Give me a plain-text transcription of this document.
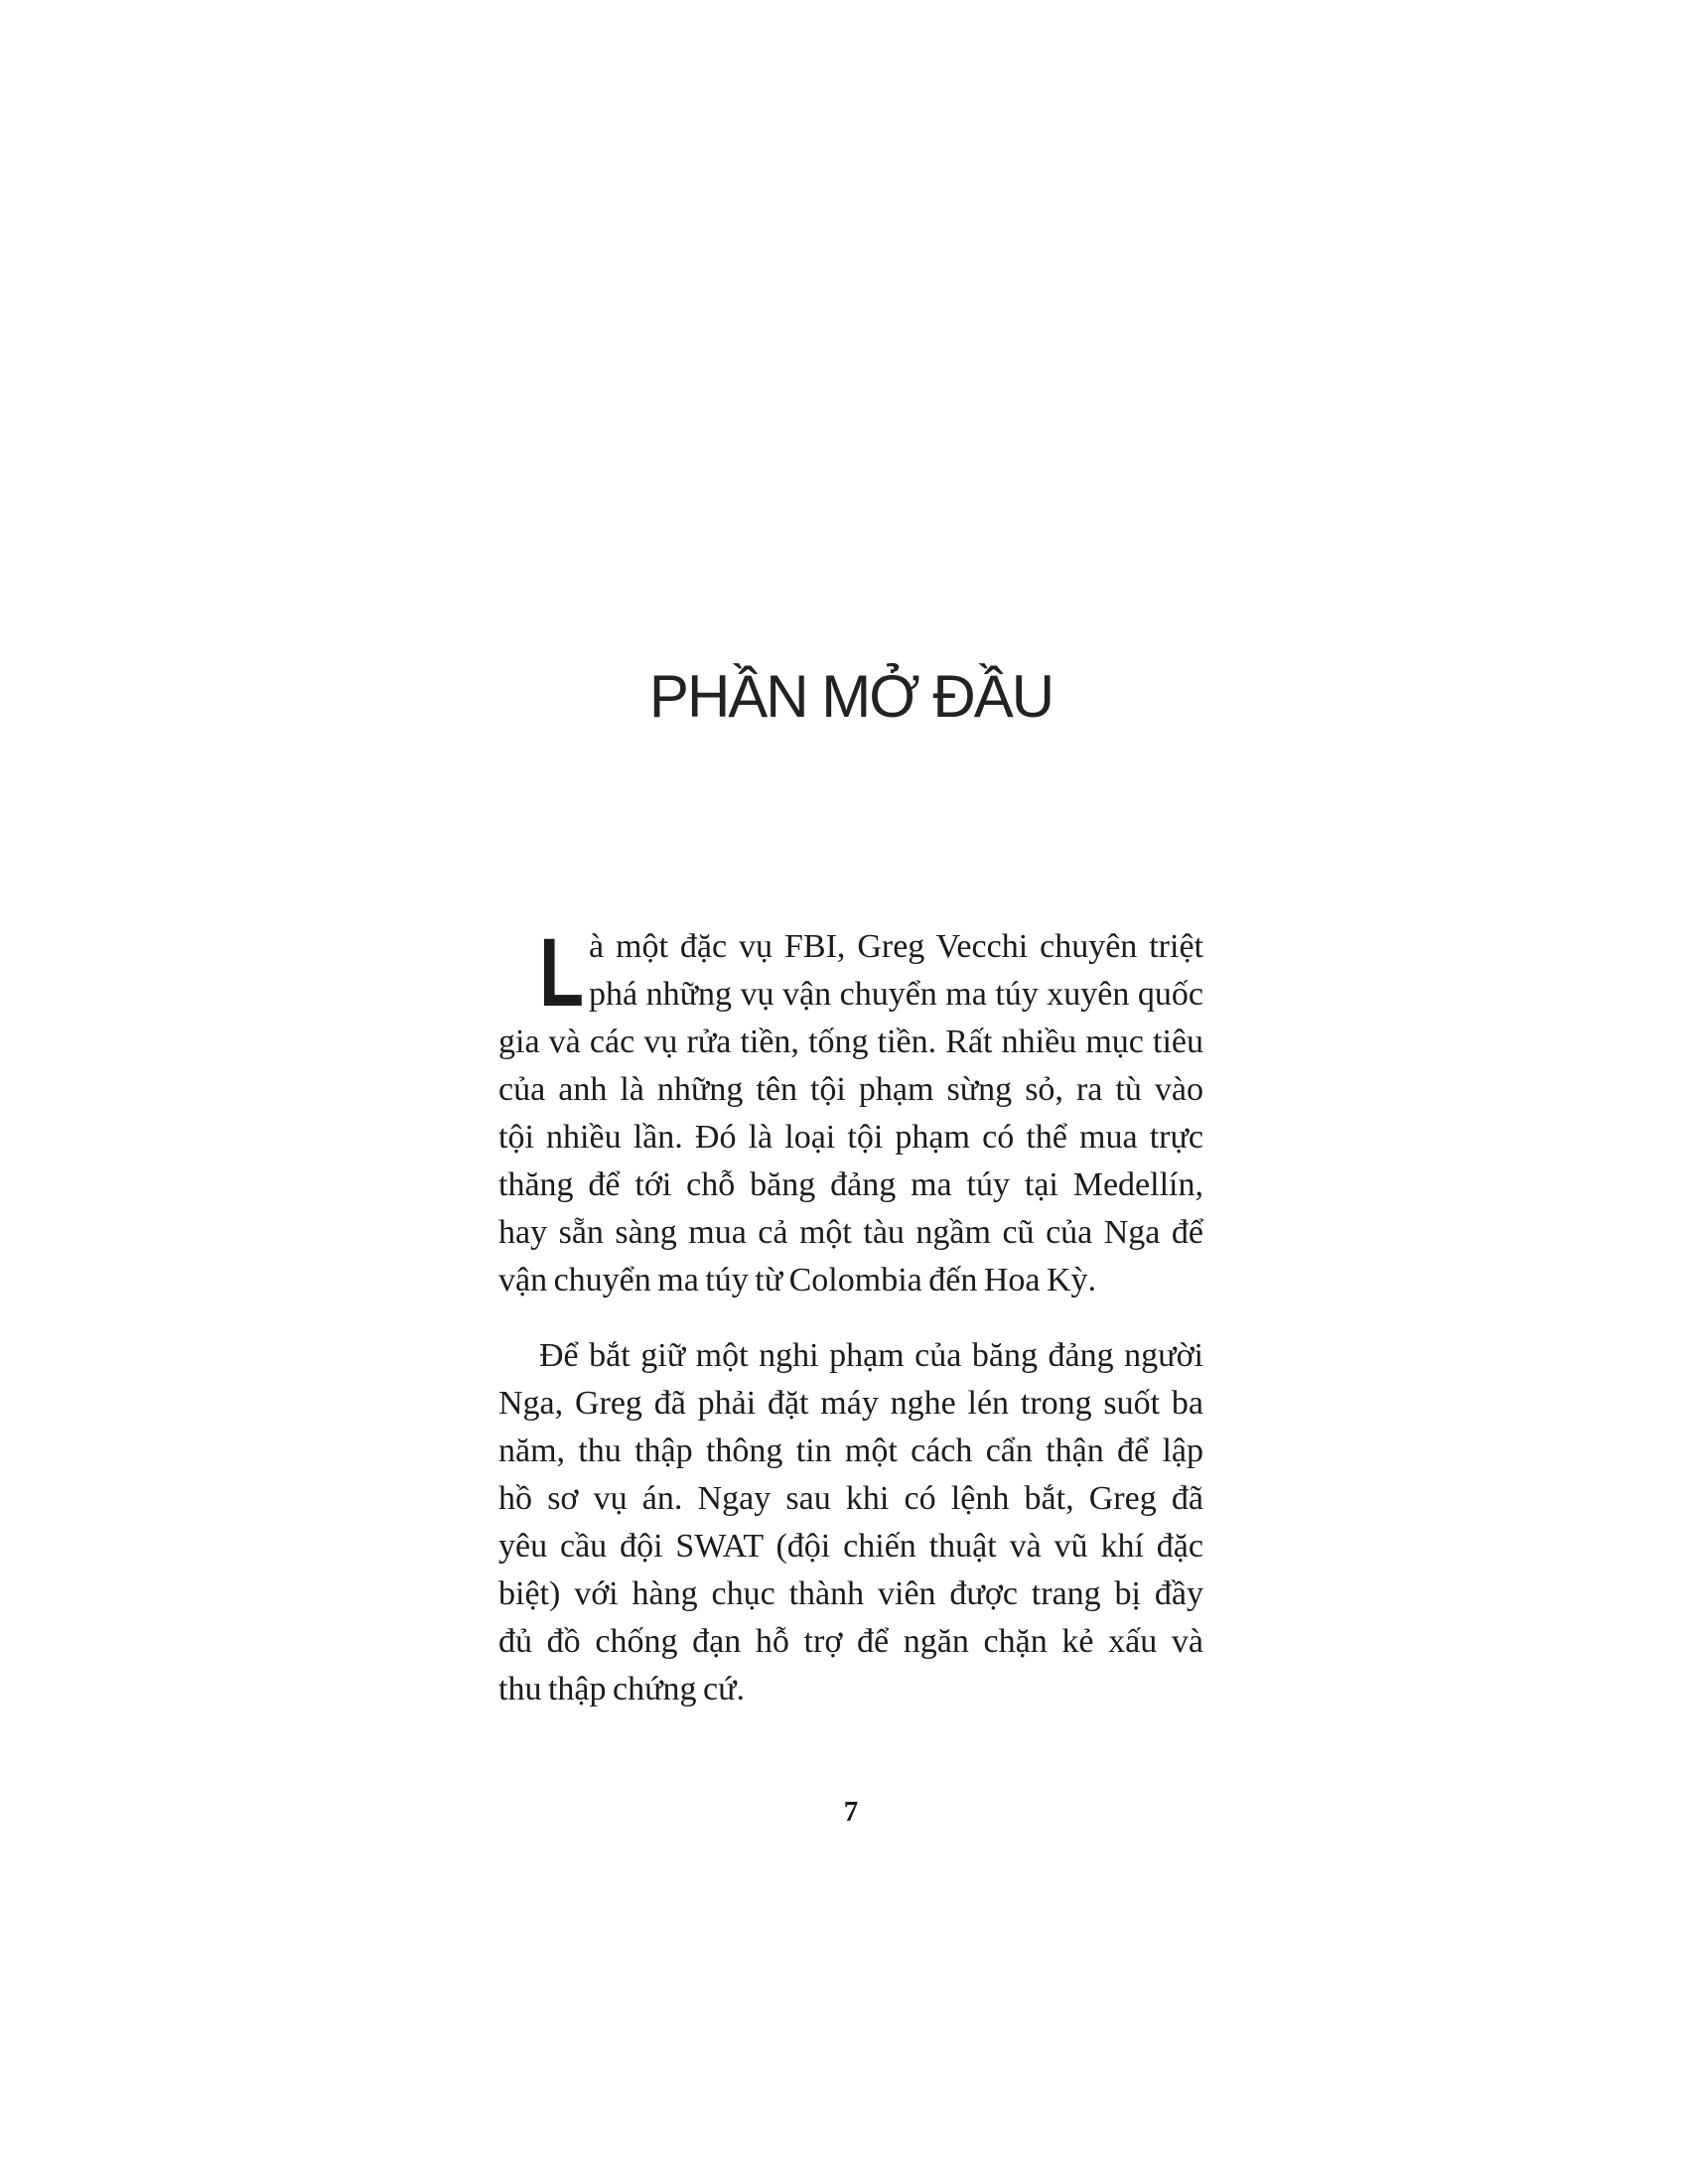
PHẦN MỞ ĐẦU
L à một đặc vụ FBI, Greg Vecchi chuyên triệt
phá những vụ vận chuyển ma túy xuyên quốc
gia và các vụ rửa tiền, tống tiền. Rất nhiều mục tiêu
của anh là những tên tội phạm sừng sỏ, ra tù vào
tội nhiều lần. Đó là loại tội phạm có thể mua trực
thăng để tới chỗ băng đảng ma túy tại Medellín,
hay sẵn sàng mua cả một tàu ngầm cũ của Nga để
vận chuyển ma túy từ Colombia đến Hoa Kỳ.
Để bắt giữ một nghi phạm của băng đảng người
Nga, Greg đã phải đặt máy nghe lén trong suốt ba
năm, thu thập thông tin một cách cẩn thận để lập
hồ sơ vụ án. Ngay sau khi có lệnh bắt, Greg đã
yêu cầu đội SWAT (đội chiến thuật và vũ khí đặc
biệt) với hàng chục thành viên được trang bị đầy
đủ đồ chống đạn hỗ trợ để ngăn chặn kẻ xấu và
thu thập chứng cứ.
7
